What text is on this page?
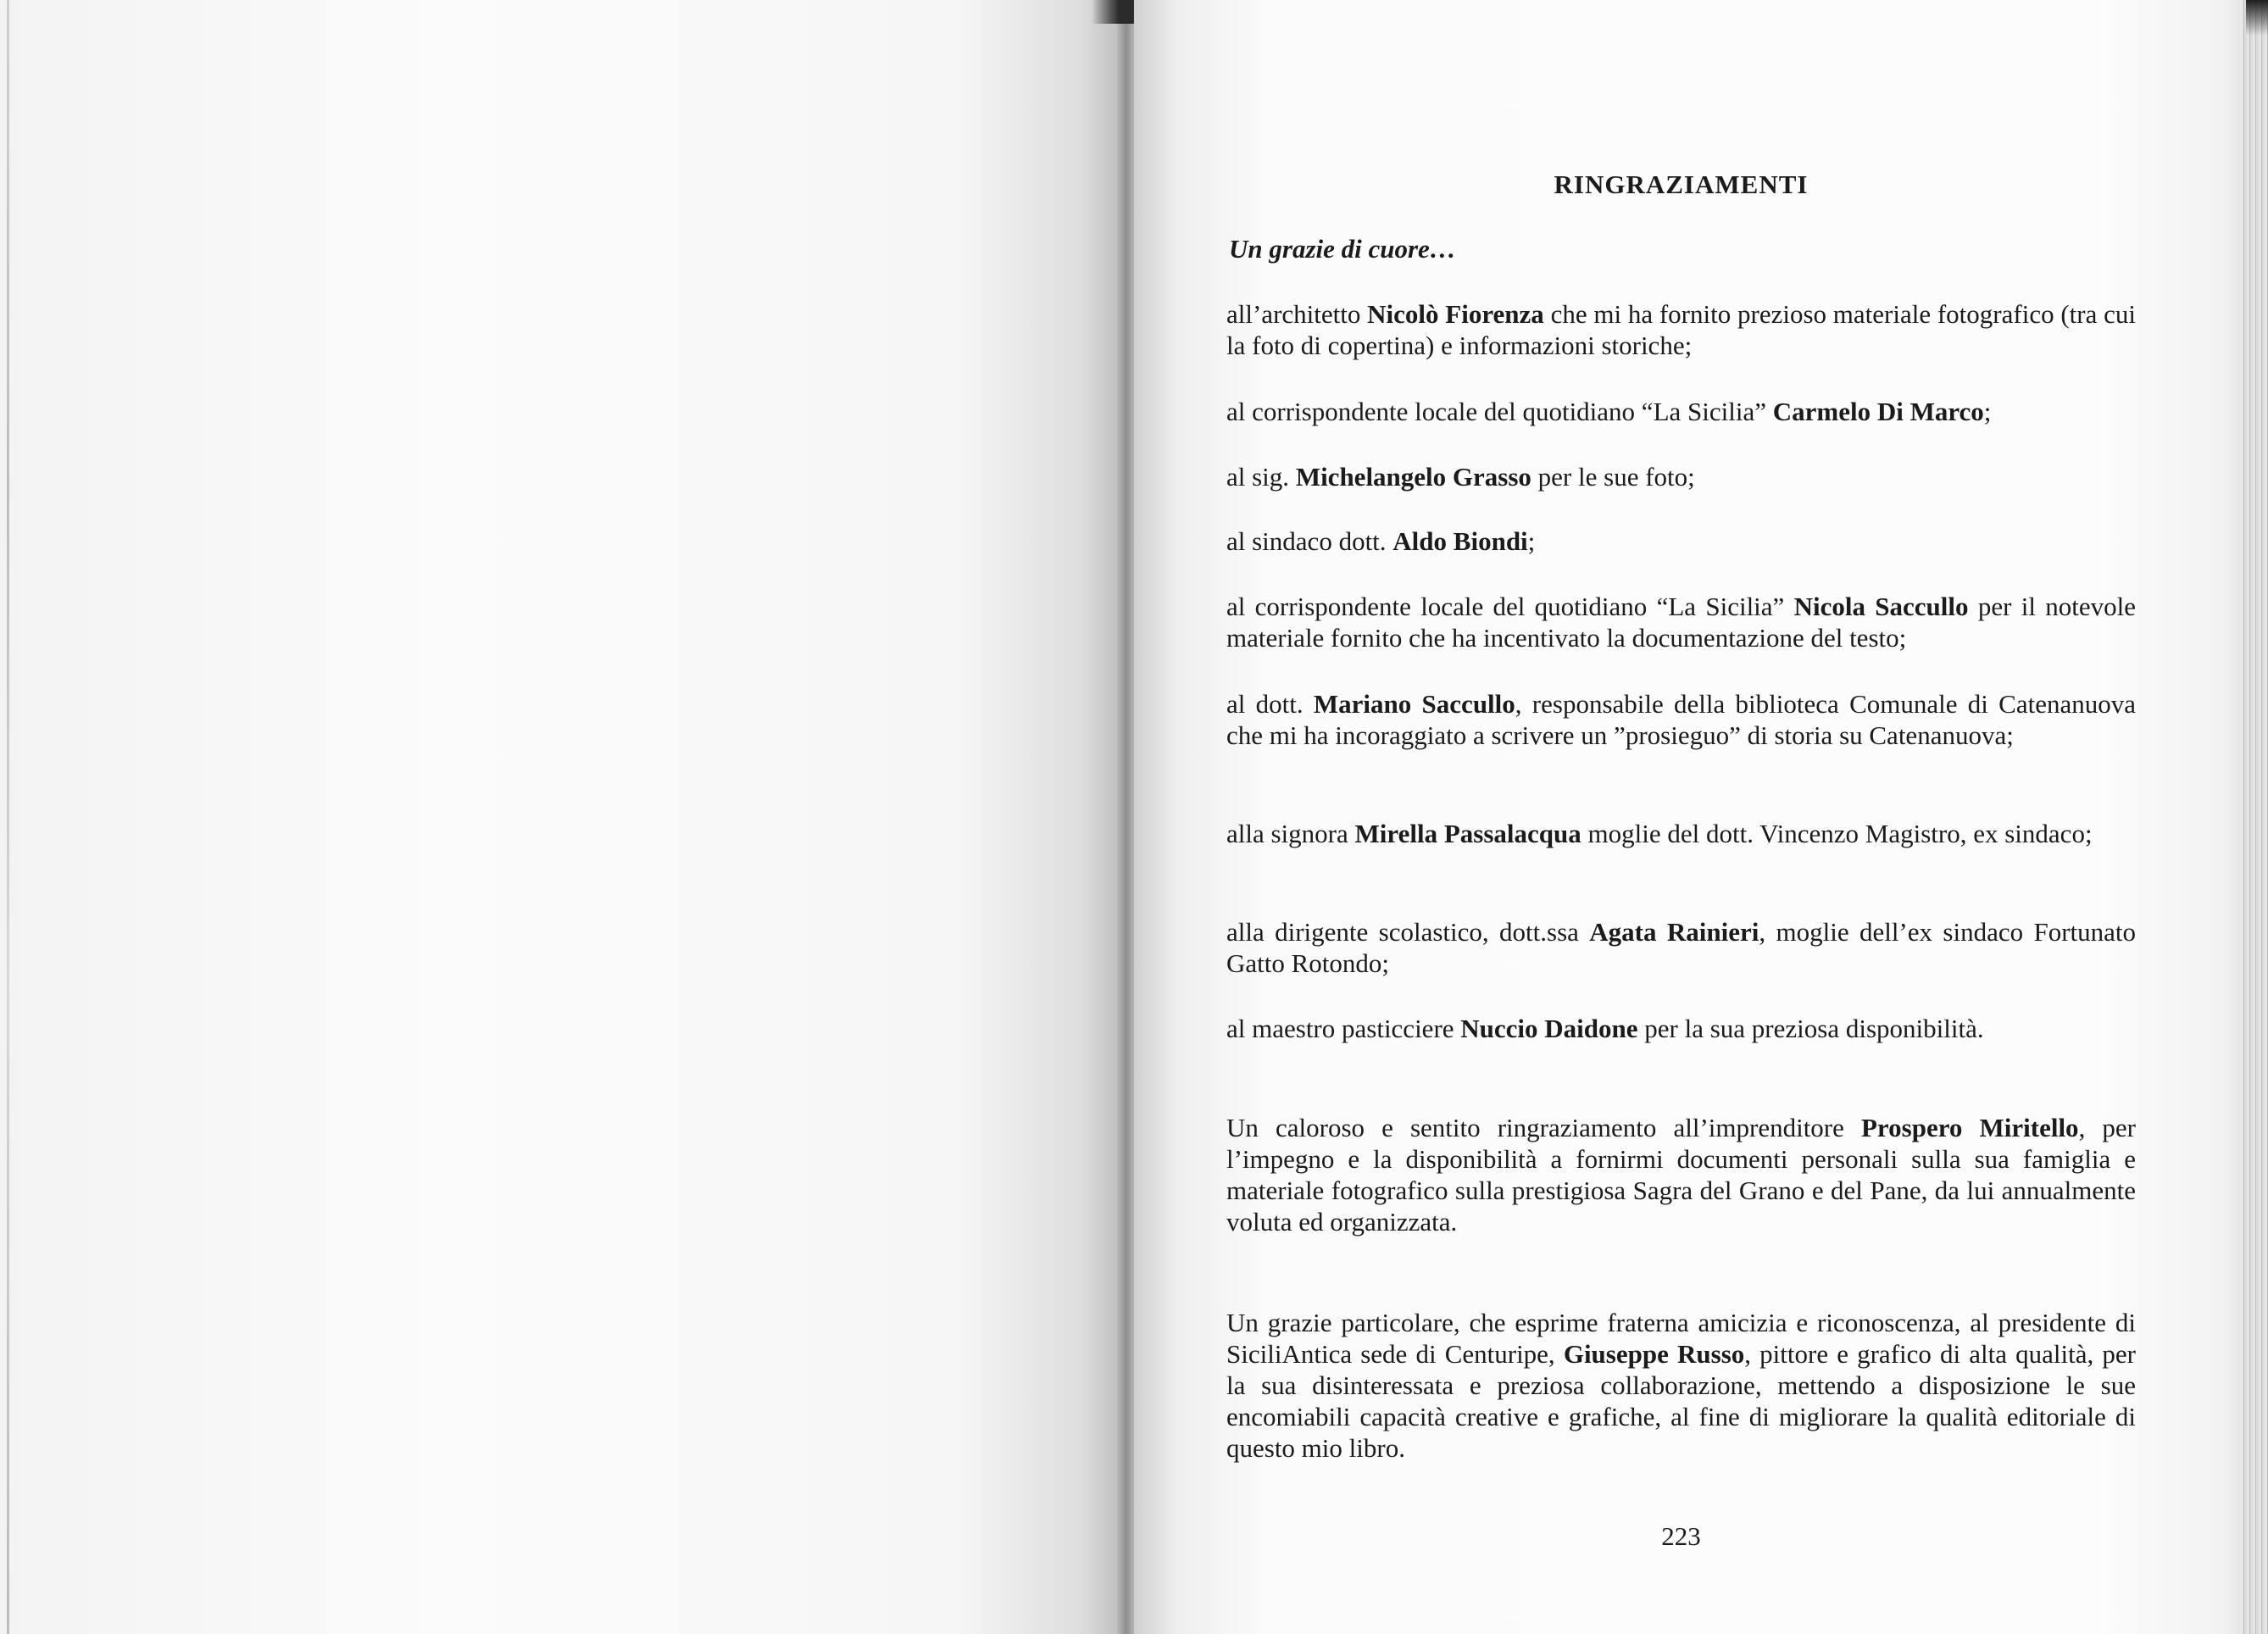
RINGRAZIAMENTI
Un grazie di cuore…

all’architetto Nicolò Fiorenza che mi ha fornito prezioso materiale fotografico (tra cui la foto di copertina) e informazioni storiche;

al corrispondente locale del quotidiano “La Sicilia” Carmelo Di Marco;

al sig. Michelangelo Grasso per le sue foto;

al sindaco dott. Aldo Biondi;

al corrispondente locale del quotidiano “La Sicilia” Nicola Saccullo per il notevole materiale fornito che ha incentivato la documentazione del testo;

al dott. Mariano Saccullo, responsabile della biblioteca Comunale di Catenanuova che mi ha incoraggiato a scrivere un ”prosieguo” di storia su Catenanuova;

alla signora Mirella Passalacqua moglie del dott. Vincenzo Magistro, ex sindaco;

alla dirigente scolastico, dott.ssa Agata Rainieri, moglie dell’ex sindaco Fortunato Gatto Rotondo;

al maestro pasticciere Nuccio Daidone per la sua preziosa disponibilità.

Un caloroso e sentito ringraziamento all’imprenditore Prospero Miritello, per l’impegno e la disponibilità a fornirmi documenti personali sulla sua famiglia e materiale fotografico sulla prestigiosa Sagra del Grano e del Pane, da lui annualmente voluta ed organizzata.

Un grazie particolare, che esprime fraterna amicizia e riconoscenza, al presidente di SiciliAntica sede di Centuripe, Giuseppe Russo, pittore e grafico di alta qualità, per la sua disinteressata e preziosa collaborazione, mettendo a disposizione le sue encomiabili capacità creative e grafiche, al fine di migliorare la qualità editoriale di questo mio libro.

223
